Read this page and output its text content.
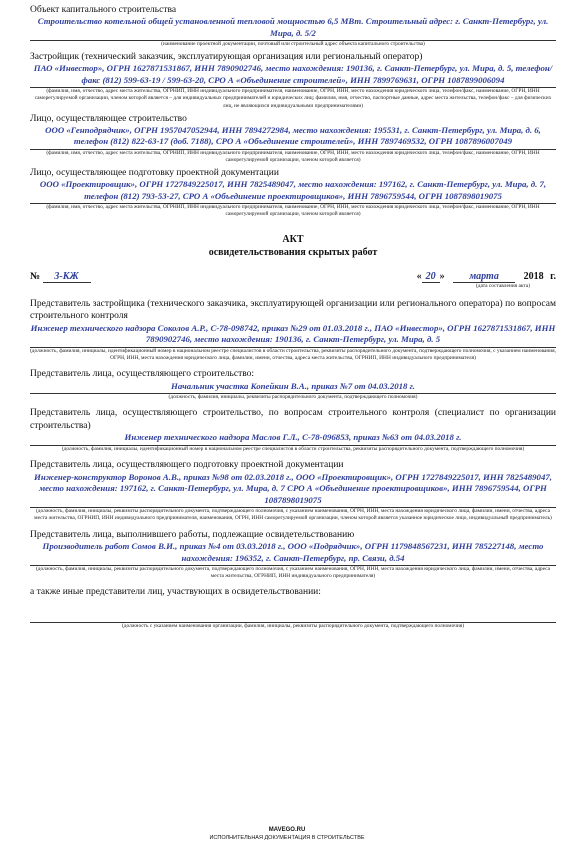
Объект капитального строительства
Строительство котельной общей установленной тепловой мощностью 6,5 МВт. Строительный адрес: г. Санкт-Петербург, ул. Мира, д. 5/2
(наименование проектной документации, почтовый или строительный адрес объекта капитального строительства)
Застройщик (технический заказчик, эксплуатирующая организация или региональный оператор)
ПАО «Инвестор», ОГРН 1627871531867, ИНН 7890902746, место нахождения: 190136, г. Санкт-Петербург, ул. Мира, д. 5, телефон/факс (812) 599-63-19 / 599-63-20, СРО А «Объединение строителей», ИНН 7899769631, ОГРН 1087899006094
(фамилия, имя, отчество, адрес места жительства, ОГРНИП, ИНН индивидуального предпринимателя, наименование, ОГРН, ИНН, место нахождения юридического лица, телефон/факс, наименование, ОГРН, ИНН саморегулируемой организации, членом которой является – для индивидуальных предпринимателей и юридических лиц; фамилия, имя, отчество, паспортные данные, адрес места жительства, телефон/факс – для физических лиц, не являющихся индивидуальными предпринимателями)
Лицо, осуществляющее строительство
ООО «Генподрядчик», ОГРН 1957047052944, ИНН 7894272984, место нахождения: 195531, г. Санкт-Петербург, ул. Мира, д. 6, телефон (812) 822-63-17 (доб. 7188), СРО А «Объединение строителей», ИНН 7897469532, ОГРН 1087896007049
(фамилия, имя, отчество, адрес места жительства, ОГРНИП, ИНН индивидуального предпринимателя, наименование, ОГРН, ИНН, место нахождения юридического лица, телефон/факс, наименование, ОГРН, ИНН саморегулируемой организации, членом которой является)
Лицо, осуществляющее подготовку проектной документации
ООО «Проектировщик», ОГРН 1727849225017, ИНН 7825489047, место нахождения: 197162, г. Санкт-Петербург, ул. Мира, д. 7, телефон (812) 793-53-27, СРО А «Объединение проектировщиков», ИНН 7896759544, ОГРН 1087898019075
(фамилия, имя, отчество, адрес места жительства, ОГРНИП, ИНН индивидуального предпринимателя, наименование, ОГРН, ИНН, место нахождения юридического лица, телефон/факс, наименование, ОГРН, ИНН саморегулируемой организации, членом которой является)
АКТ
освидетельствования скрытых работ
№ 3-КЖ	« 20 » марта 2018 г.
(дата составления акта)
Представитель застройщика (технического заказчика, эксплуатирующей организации или регионального оператора) по вопросам строительного контроля
Инженер технического надзора Соколов А.Р., С-78-098742, приказ №29 от 01.03.2018 г., ПАО «Инвестор», ОГРН 1627871531867, ИНН 7890902746, место нахождения: 190136, г. Санкт-Петербург, ул. Мира, д. 5
(должность, фамилия, инициалы, идентификационный номер в национальном реестре специалистов в области строительства, реквизиты распорядительного документа, подтверждающего полномочия, с указанием наименования, ОГРН, ИНН, места нахождения юридического лица, фамилии, имени, отчества, адреса места жительства, ОГРНИП, ИНН индивидуального предпринимателя)
Представитель лица, осуществляющего строительство:
Начальник участка Копейкин В.А., приказ №7 от 04.03.2018 г.
(должность, фамилия, инициалы, реквизиты распорядительного документа, подтверждающего полномочия)
Представитель лица, осуществляющего строительство, по вопросам строительного контроля (специалист по организации строительства)
Инженер технического надзора Маслов Г.Л., С-78-096853, приказ №63 от 04.03.2018 г.
(должность, фамилия, инициалы, идентификационный номер в национальном реестре специалистов в области строительства, реквизиты распорядительного документа, подтверждающего полномочия)
Представитель лица, осуществляющего подготовку проектной документации
Инженер-конструктор Воронов А.В., приказ №98 от 02.03.2018 г., ООО «Проектировщик», ОГРН 1727849225017, ИНН 7825489047, место нахождения: 197162, г. Санкт-Петербург, ул. Мира, д. 7 СРО А «Объединение проектировщиков», ИНН 7896759544, ОГРН 1087898019075
(должность, фамилия, инициалы, реквизиты распорядительного документа, подтверждающего полномочия, с указанием наименования, ОГРН, ИНН, места нахождения юридического лица, фамилии, имени, отчества, адреса места жительства, ОГРНИП, ИНН индивидуального предпринимателя, наименования, ОГРН, ИНН саморегулируемой организации, членом которой является указанное юридическое лицо, индивидуальный предприниматель)
Представитель лица, выполнившего работы, подлежащие освидетельствованию
Производитель работ Сомов В.И., приказ №4 от 03.03.2018 г., ООО «Подрядчик», ОГРН 1179848567231, ИНН 785227148, место нахождения: 196352, г. Санкт-Петербург, пр. Связи, д.54
(должность, фамилия, инициалы, реквизиты распорядительного документа, подтверждающего полномочия, с указанием наименования, ОГРН, ИНН, места нахождения юридического лица, фамилии, имени, отчества, адреса места жительства, ОГРНИП, ИНН индивидуального предпринимателя)
а также иные представители лиц, участвующих в освидетельствовании:
(должность с указанием наименования организации, фамилия, инициалы, реквизиты распорядительного документа, подтверждающего полномочия)
MAVEGO.RU
ИСПОЛНИТЕЛЬНАЯ ДОКУМЕНТАЦИЯ В СТРОИТЕЛЬСТВЕ
